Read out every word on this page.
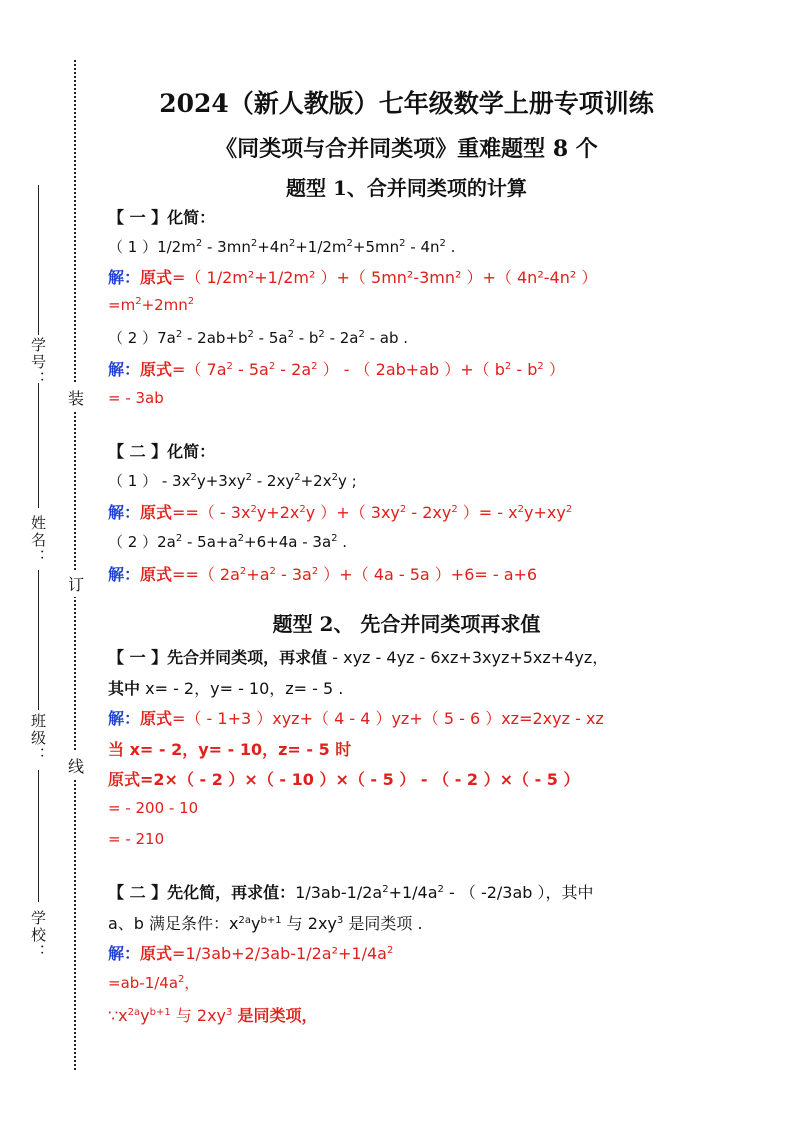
装
订
线
学号：
姓名：
班级：
学校：
2024（新人教版）七年级数学上册专项训练
《同类项与合并同类项》重难题型 8 个
题型 1、合并同类项的计算
【 一 】化简：
（ 1 ）$1/2m^2 - 3mn^2+4n^2+1/2m^2+5mn^2 - 4n^2$ .
解：原式=（ 1/2m²+1/2m² ）+（ 5mn²-3mn² ）+（ 4n²-4n² ）
$=m^2+2mn^2$
（ 2 ）$7a^2 - 2ab+b^2 - 5a^2 - b^2 - 2a^2$ - ab .
解：原式=（ $7a^2 - 5a^2 - 2a^2$ ） - （ 2ab+ab ）+（ $b^2 - b^2$ ）
= - 3ab
【 二 】化简：
（ 1 ） - $3x^2y+3xy^2 - 2xy^2+2x^2y$ ;
解：原式==（ - $3x^2y+2x^2y$ ）+（ $3xy^2 - 2xy^2$ ）= - $x^2y+xy^2$
（ 2 ）$2a^2 - 5a+a^2+6+4a - 3a^2$ .
解：原式==（ $2a^2+a^2 - 3a^2$ ）+（ 4a - 5a ）+6= - a+6
题型 2、 先合并同类项再求值
【 一 】先合并同类项，再求值 - xyz - 4yz - 6xz+3xyz+5xz+4yz，
其中 x= - 2，y= - 10，z= - 5 .
解：原式=（ - 1+3 ）xyz+（ 4 - 4 ）yz+（ 5 - 6 ）xz=2xyz - xz
当 x= - 2，y= - 10，z= - 5 时
原式=2×（ - 2 ）×（ - 10 ）×（ - 5 ） - （ - 2 ）×（ - 5 ）
= - 200 - 10
= - 210
【 二 】先化简，再求值：$1/3ab-1/2a^2+1/4a^2$ - （ -2/3ab ），其中
a、b 满足条件：$x^{2a}y^{b+1}$ 与 $2xy^3$ 是同类项 .
解：原式$=1/3ab+2/3ab-1/2a^2+1/4a^2$
$=ab-1/4a^2$，
$\because x^{2a}y^{b+1}$ 与 $2xy^3$ 是同类项，
